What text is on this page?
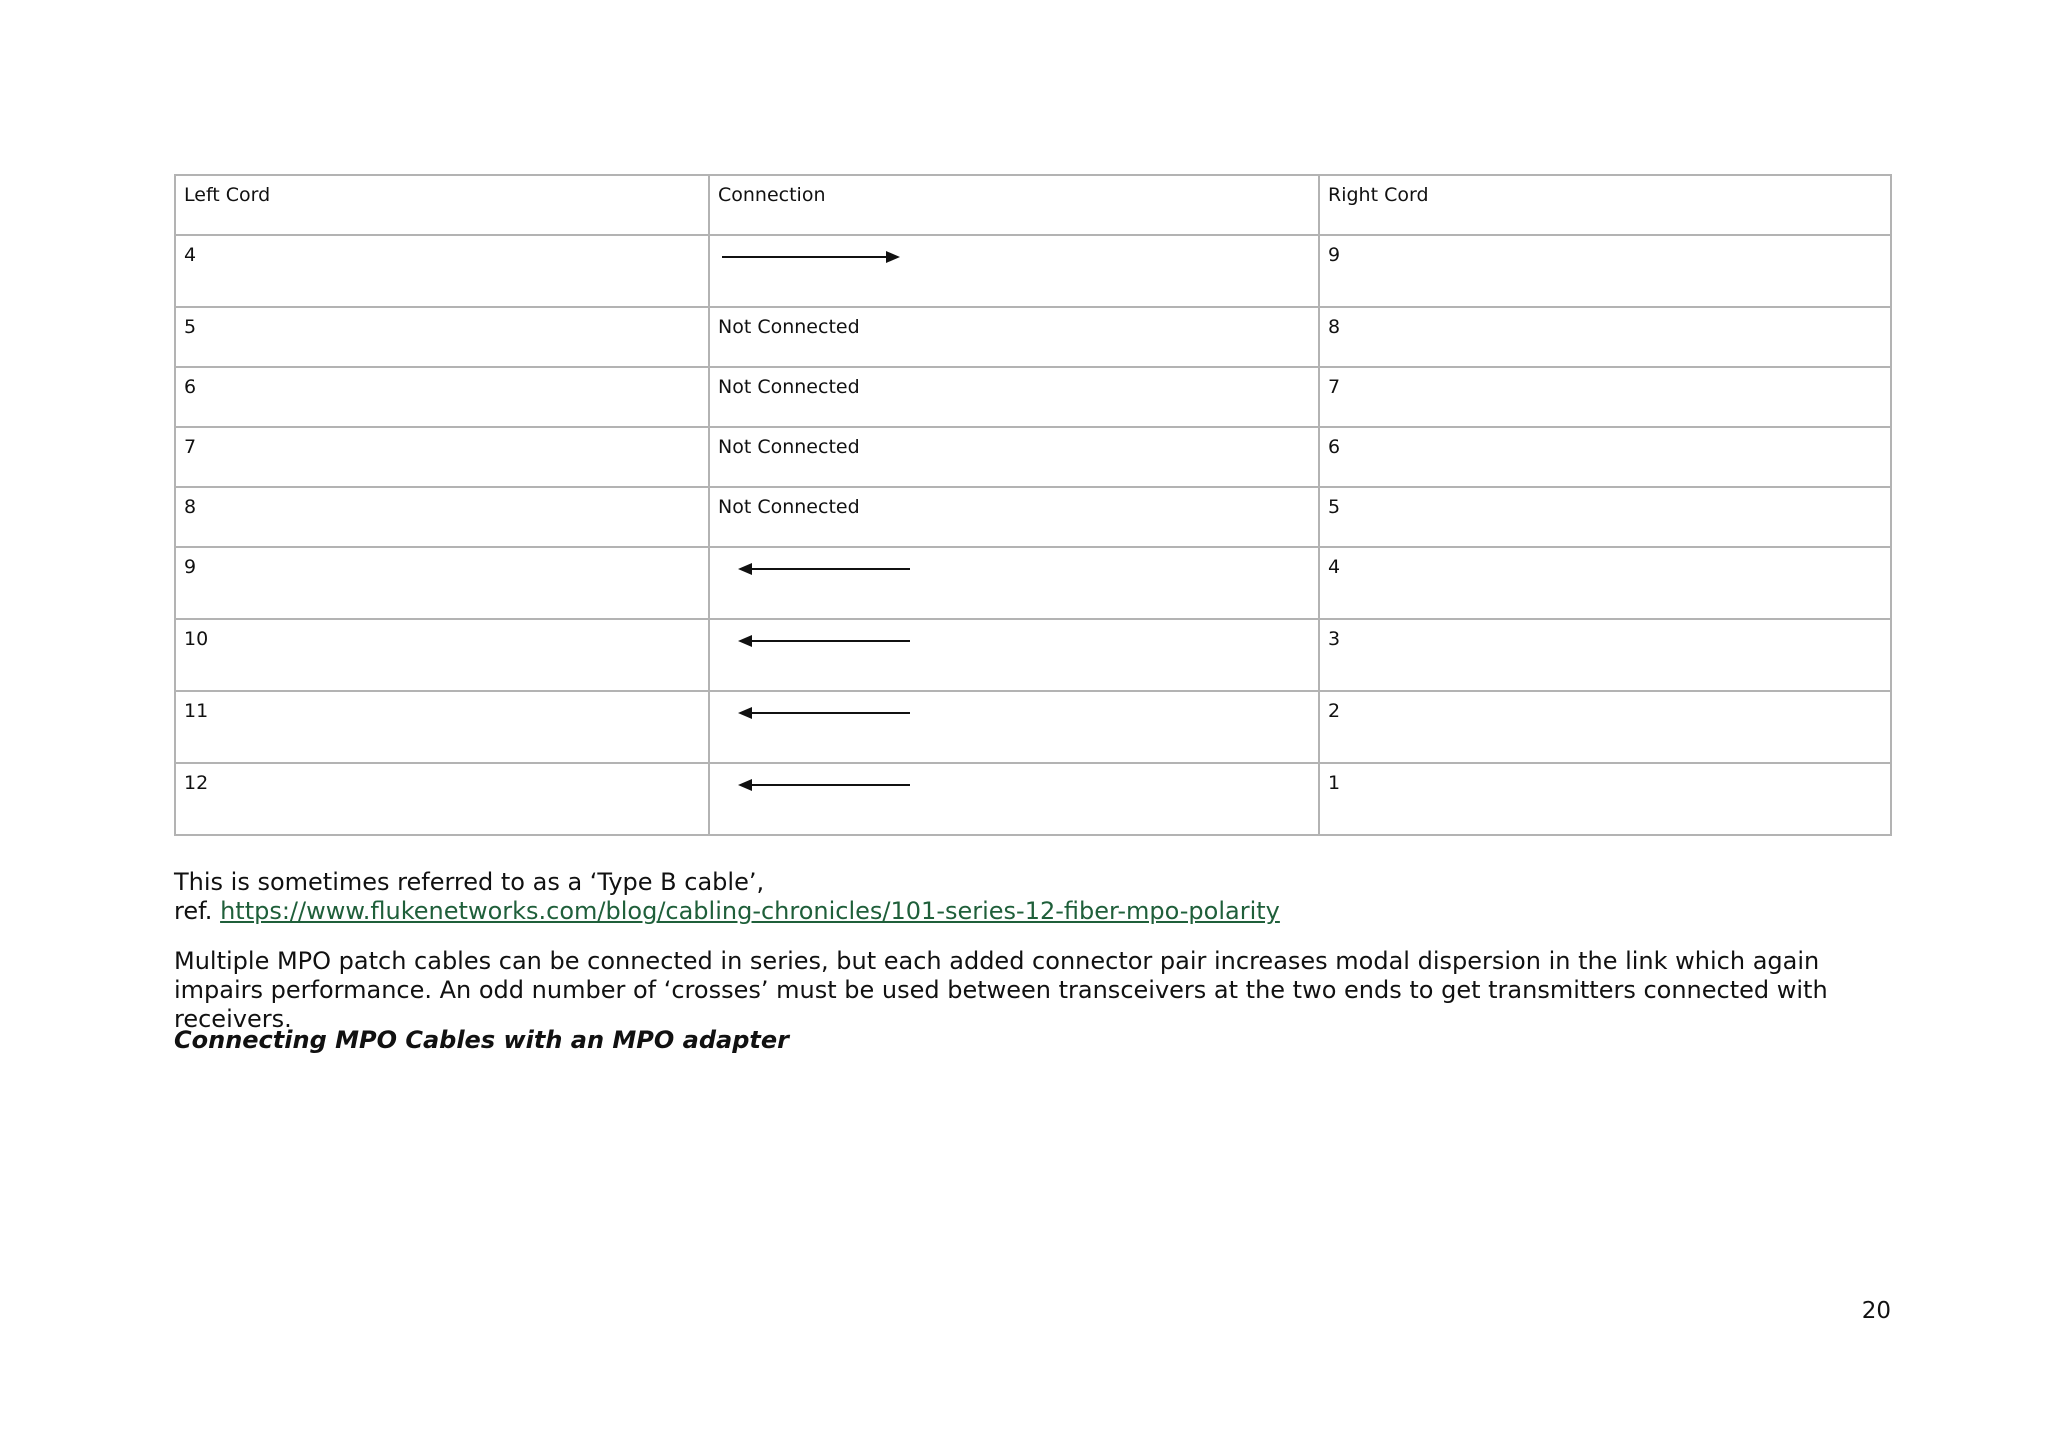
Left Cord	Connection	Right Cord
4		9
5	Not Connected	8
6	Not Connected	7
7	Not Connected	6
8	Not Connected	5
9		4
10		3
11		2
12		1
This is sometimes referred to as a ‘Type B cable’,
ref. https://www.flukenetworks.com/blog/cabling-chronicles/101-series-12-fiber-mpo-polarity
Multiple MPO patch cables can be connected in series, but each added connector pair increases modal dispersion in the link which again impairs performance. An odd number of ‘crosses’ must be used between transceivers at the two ends to get transmitters connected with receivers.
Connecting MPO Cables with an MPO adapter
20
